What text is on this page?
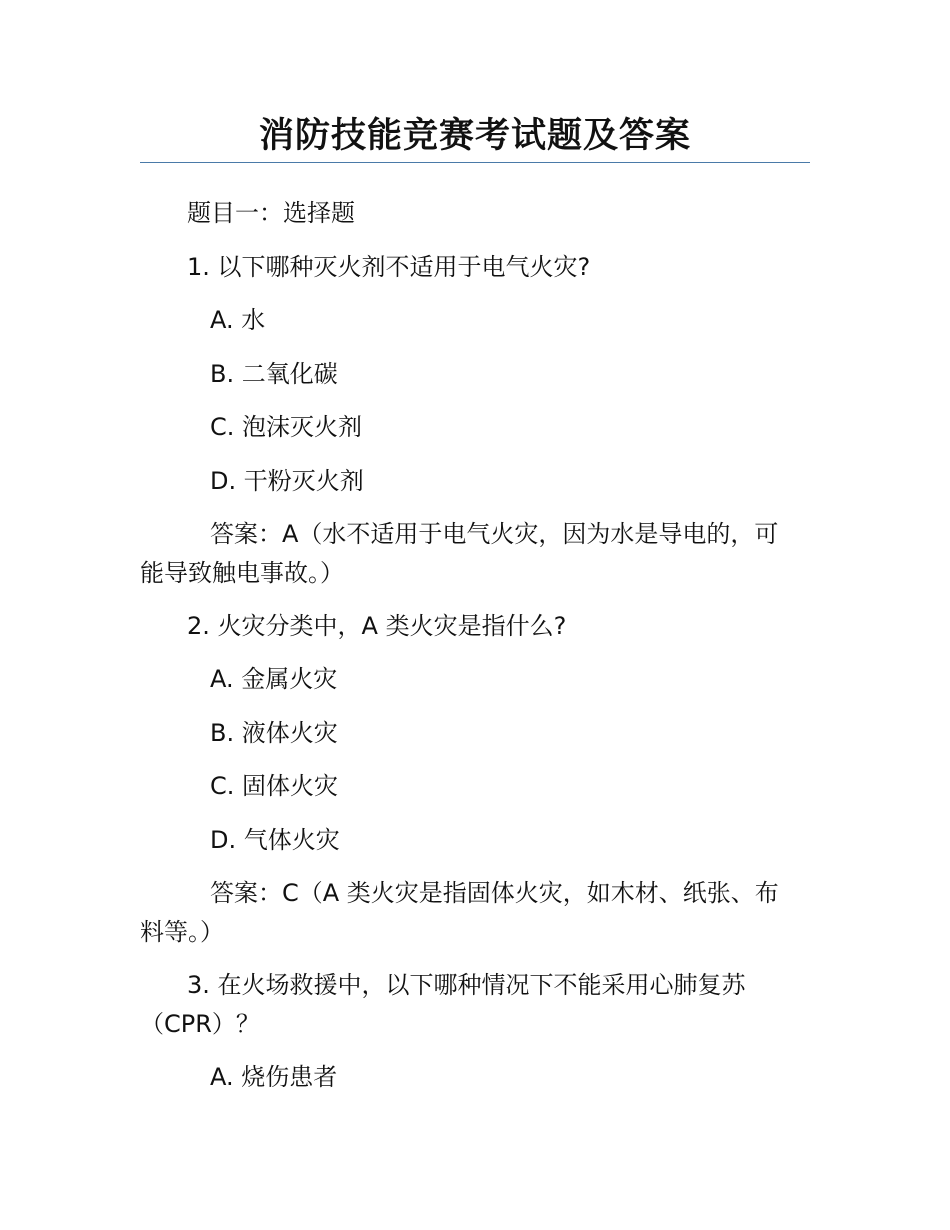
消防技能竞赛考试题及答案
题目一：选择题
1. 以下哪种灭火剂不适用于电气火灾?
A. 水
B. 二氧化碳
C. 泡沫灭火剂
D. 干粉灭火剂
答案：A（水不适用于电气火灾，因为水是导电的，可
能导致触电事故。）
2. 火灾分类中，A 类火灾是指什么?
A. 金属火灾
B. 液体火灾
C. 固体火灾
D. 气体火灾
答案：C（A 类火灾是指固体火灾，如木材、纸张、布
料等。）
3. 在火场救援中，以下哪种情况下不能采用心肺复苏
（CPR）？
A. 烧伤患者
